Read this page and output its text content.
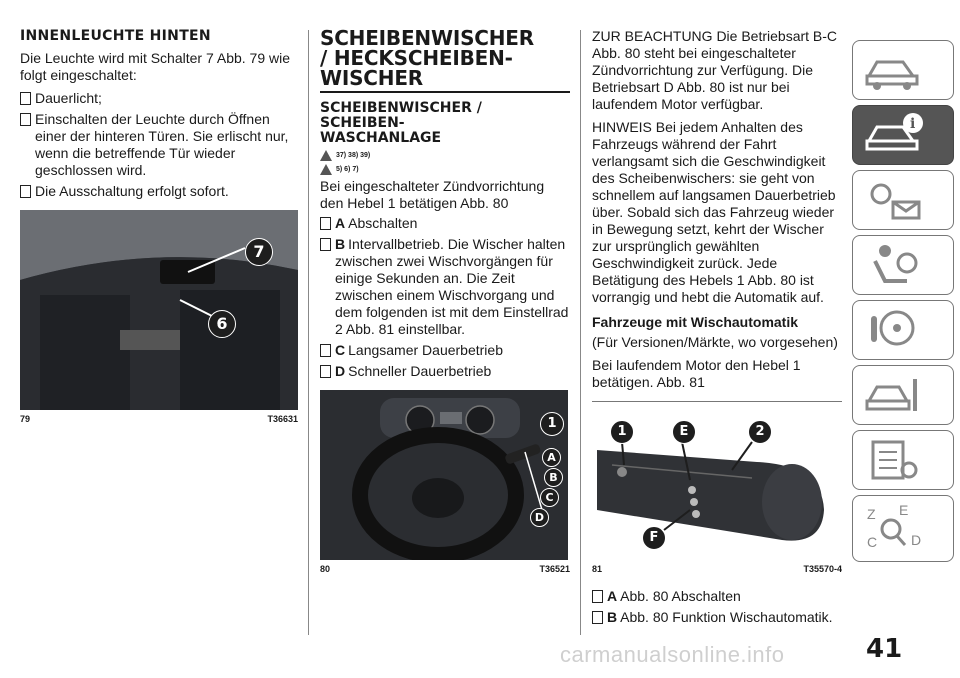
INNENLEUCHTE HINTEN

Die Leuchte wird mit Schalter 7 Abb. 79 wie folgt eingeschaltet:

Dauerlicht;
Einschalten der Leuchte durch Öffnen einer der hinteren Türen. Sie erlischt nur, wenn die betreffende Tür wieder geschlossen wird.
Die Ausschaltung erfolgt sofort.
7
6
79	T36631
SCHEIBENWISCHER
/ HECKSCHEIBEN-
WISCHER
SCHEIBENWISCHER /
SCHEIBEN-
WASCHANLAGE
37) 38) 39)
5) 6) 7)

Bei eingeschalteter Zündvorrichtung den Hebel 1 betätigen Abb. 80

A Abschalten
B Intervallbetrieb. Die Wischer halten zwischen zwei Wischvorgängen für einige Sekunden an. Die Zeit zwischen einem Wischvorgang und dem folgenden ist mit dem Einstellrad 2 Abb. 81 einstellbar.
C Langsamer Dauerbetrieb
D Schneller Dauerbetrieb
1
A
B
C
D
80	T36521

ZUR BEACHTUNG Die Betriebsart B-C Abb. 80 steht bei eingeschalteter Zündvorrichtung zur Verfügung. Die Betriebsart D Abb. 80 ist nur bei laufendem Motor verfügbar.

HINWEIS Bei jedem Anhalten des Fahrzeugs während der Fahrt verlangsamt sich die Geschwindigkeit des Scheibenwischers: sie geht von schnellem auf langsamen Dauerbetrieb über. Sobald sich das Fahrzeug wieder in Bewegung setzt, kehrt der Wischer zur ursprünglich gewählten Geschwindigkeit zurück. Jede Betätigung des Hebels 1 Abb. 80 ist vorrangig und hebt die Automatik auf.

Fahrzeuge mit Wischautomatik

(Für Versionen/Märkte, wo vorgesehen)

Bei laufendem Motor den Hebel 1 betätigen. Abb. 81

1	E	2
F
81	T35570-4
A Abb. 80 Abschalten
B Abb. 80 Funktion Wischautomatik.
i
Z E
C D
41
carmanualsonline.info
